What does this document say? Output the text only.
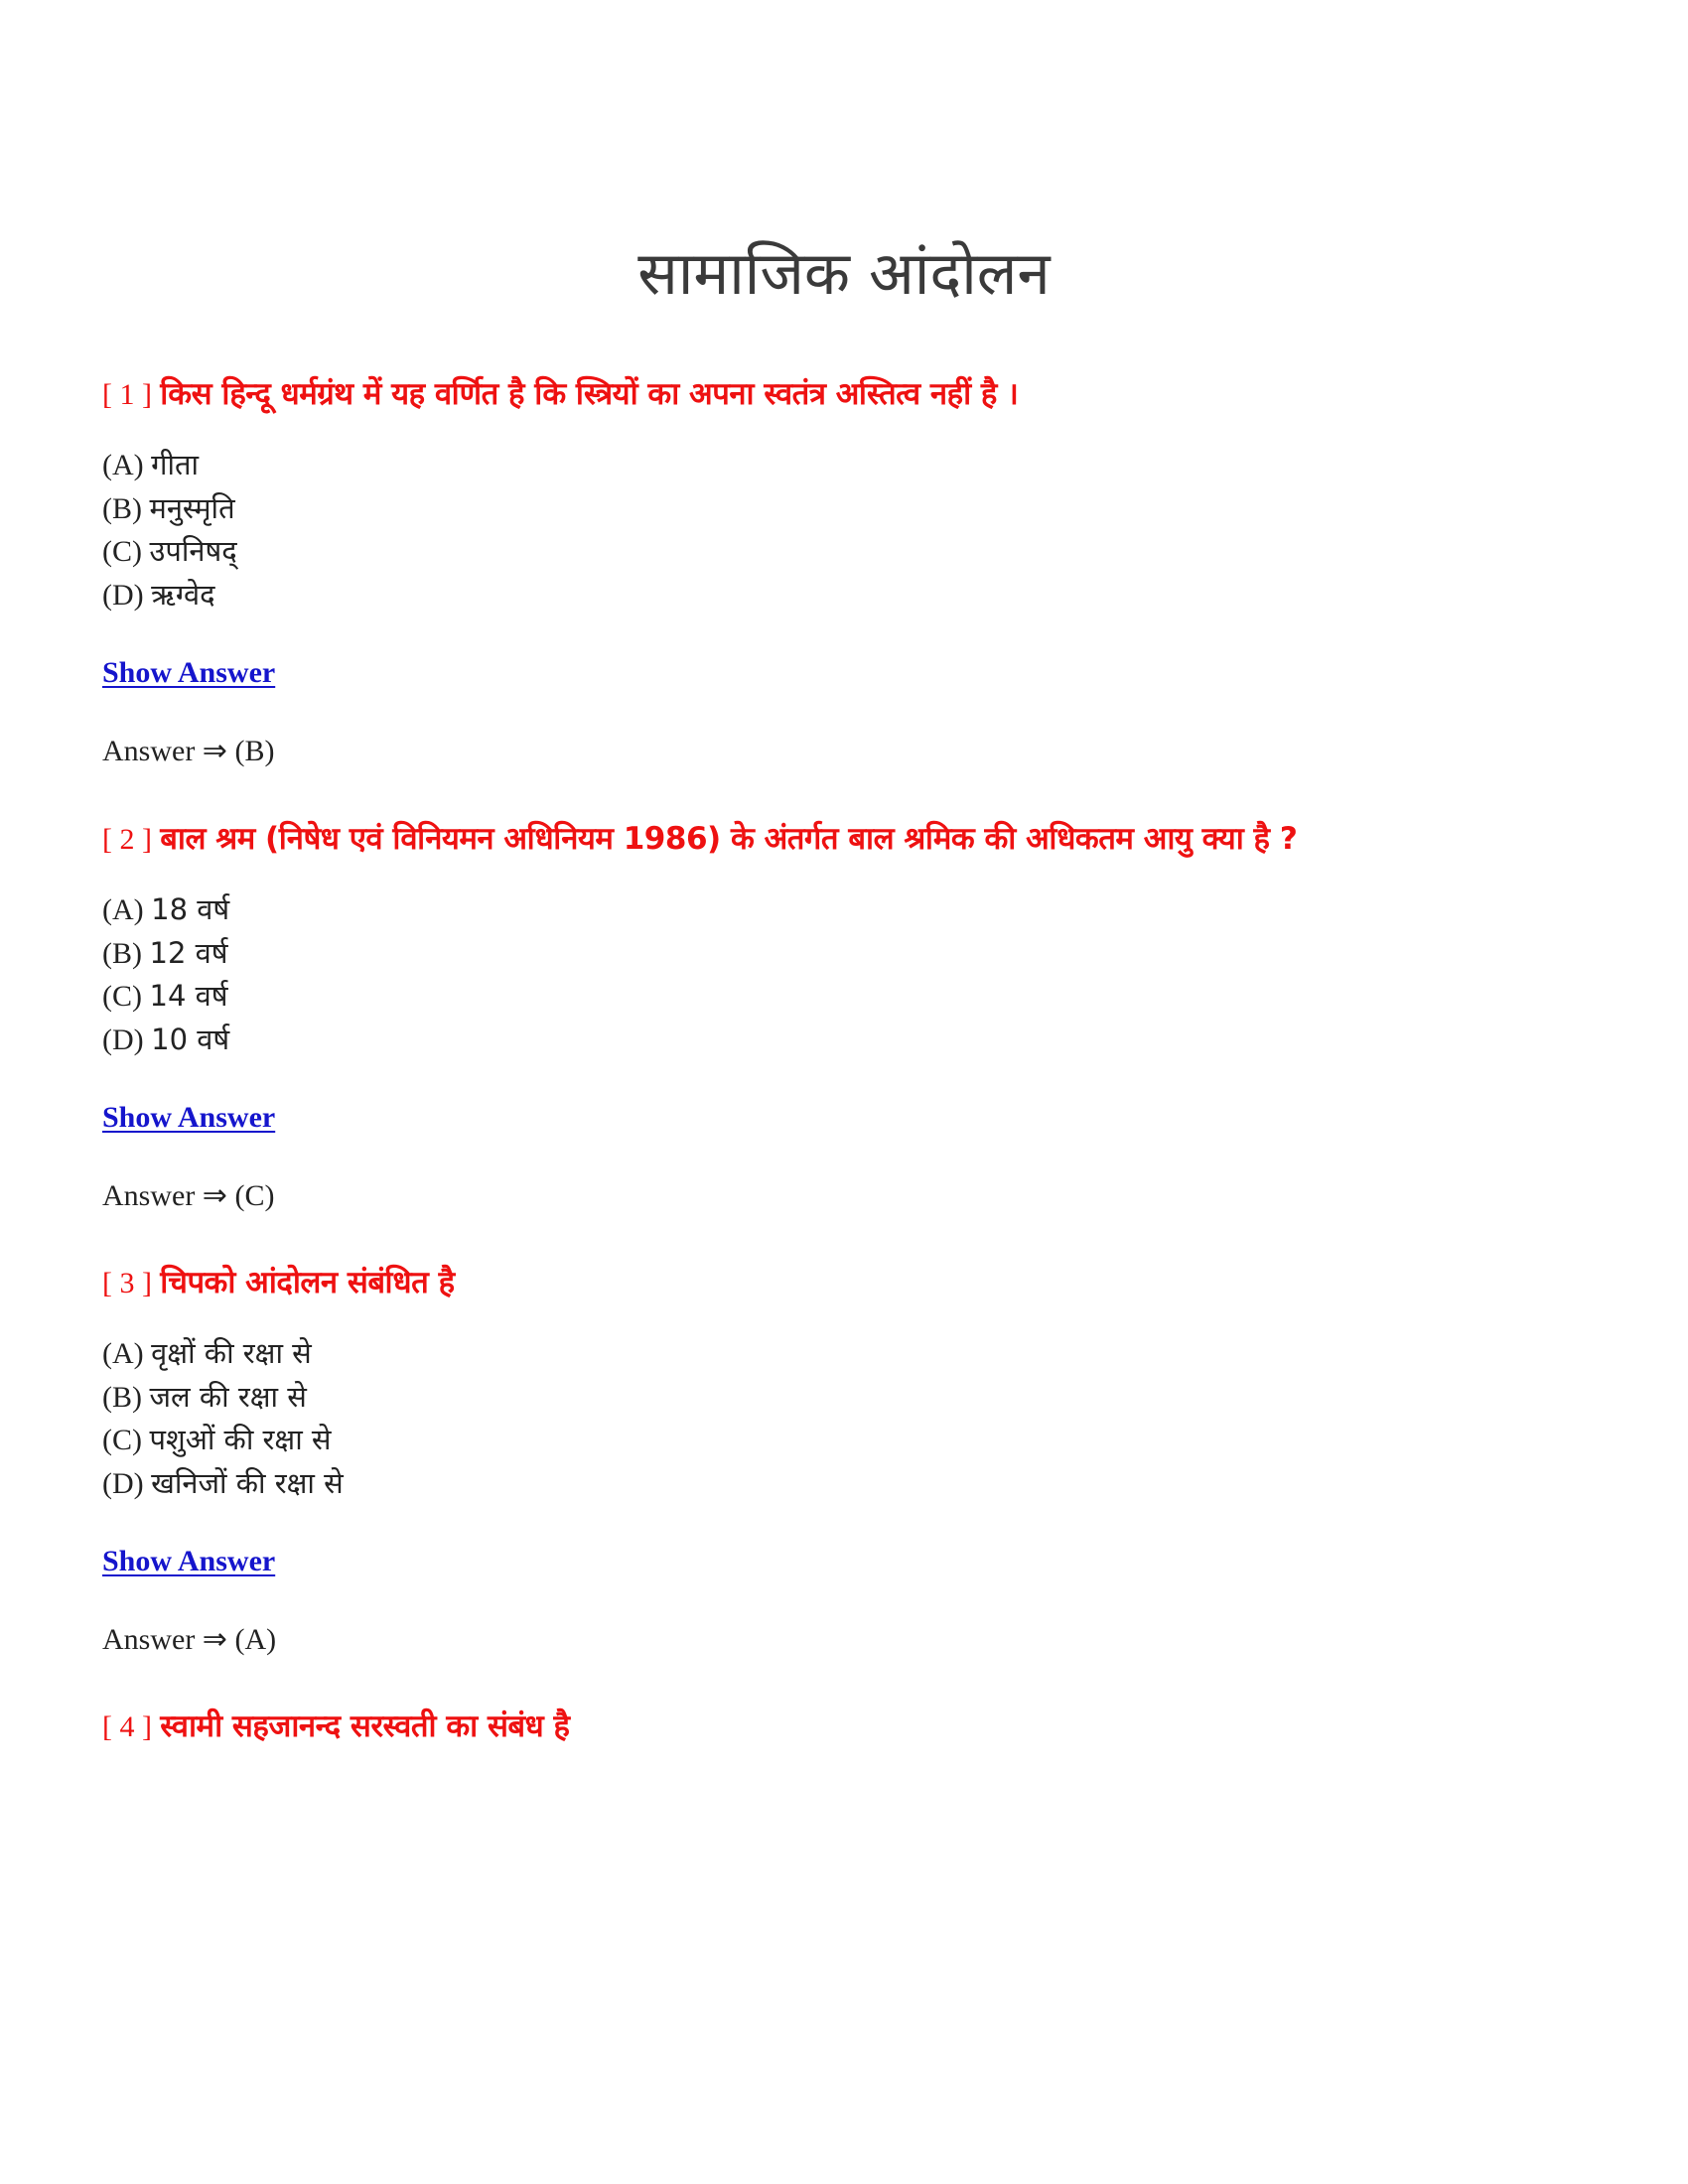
सामाजिक आंदोलन
[ 1 ] किस हिन्दू धर्मग्रंथ में यह वर्णित है कि स्त्रियों का अपना स्वतंत्र अस्तित्व नहीं है ।
(A) गीता
(B) मनुस्मृति
(C) उपनिषद्
(D) ऋग्वेद
Show Answer
Answer ⇒ (B)
[ 2 ] बाल श्रम (निषेध एवं विनियमन अधिनियम 1986) के अंतर्गत बाल श्रमिक की अधिकतम आयु क्या है ?
(A) 18 वर्ष
(B) 12 वर्ष
(C) 14 वर्ष
(D) 10 वर्ष
Show Answer
Answer ⇒ (C)
[ 3 ] चिपको आंदोलन संबंधित है
(A) वृक्षों की रक्षा से
(B) जल की रक्षा से
(C) पशुओं की रक्षा से
(D) खनिजों की रक्षा से
Show Answer
Answer ⇒ (A)
[ 4 ] स्वामी सहजानन्द सरस्वती का संबंध है
